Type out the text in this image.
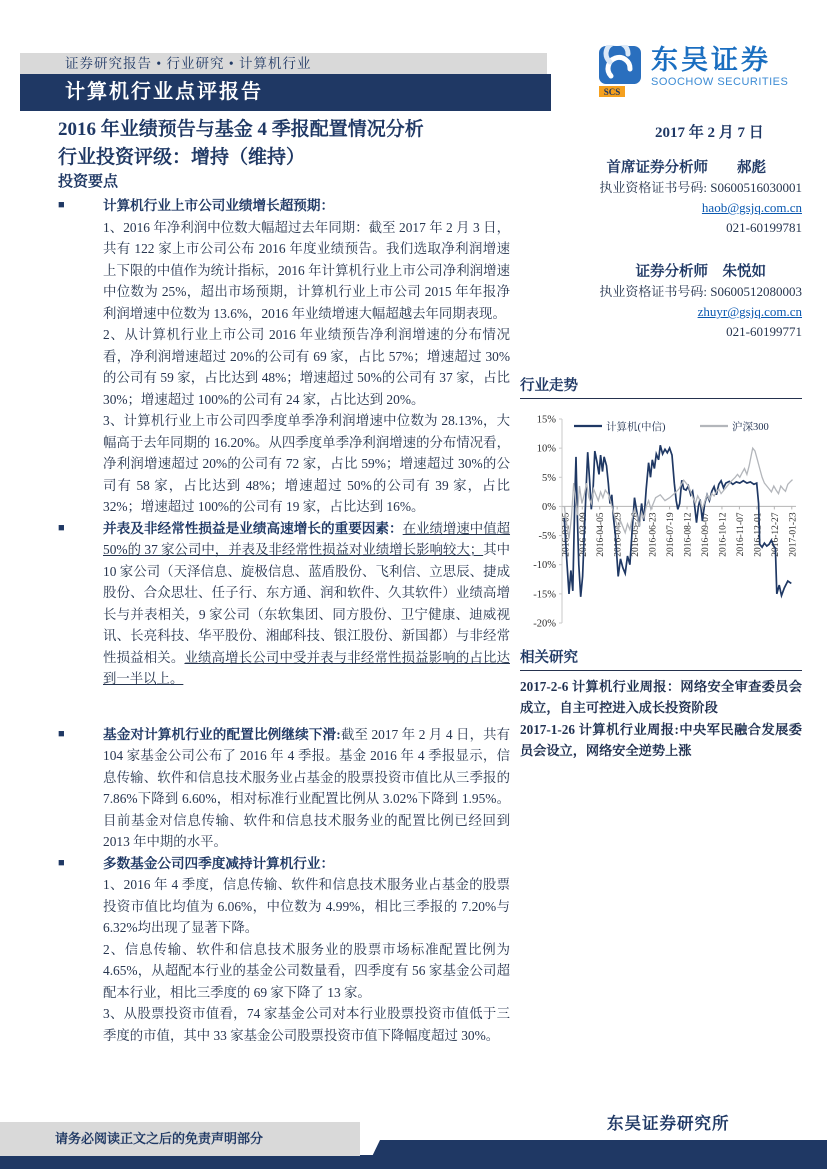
证券研究报告 • 行业研究 • 计算机行业
计算机行业点评报告	SCS
东吴证券
SOOCHOW SECURITIES
2016 年业绩预告与基金 4 季报配置情况分析
行业投资评级：增持（维持）
2017 年 2 月 7 日
投资要点
■	计算机行业上市公司业绩增长超预期：

1、2016 年净利润中位数大幅超过去年同期：截至 2017 年 2 月 3 日，共有 122 家上市公司公布 2016 年度业绩预告。我们选取净利润增速上下限的中值作为统计指标，2016 年计算机行业上市公司净利润增速中位数为 25%，超出市场预期，计算机行业上市公司 2015 年年报净利润增速中位数为 13.6%，2016 年业绩增速大幅超越去年同期表现。

2、从计算机行业上市公司 2016 年业绩预告净利润增速的分布情况看，净利润增速超过 20%的公司有 69 家，占比 57%；增速超过 30%的公司有 59 家，占比达到 48%；增速超过 50%的公司有 37 家，占比 30%；增速超过 100%的公司有 24 家，占比达到 20%。

3、计算机行业上市公司四季度单季净利润增速中位数为 28.13%，大幅高于去年同期的 16.20%。从四季度单季净利润增速的分布情况看，净利润增速超过 20%的公司有 72 家，占比 59%；增速超过 30%的公司有 58 家，占比达到 48%；增速超过 50%的公司有 39 家，占比 32%；增速超过 100%的公司有 19 家，占比达到 16%。

■	并表及非经常性损益是业绩高速增长的重要因素：在业绩增速中值超 50%的 37 家公司中，并表及非经常性损益对业绩增长影响较大；其中 10 家公司（天泽信息、旋极信息、蓝盾股份、飞利信、立思辰、捷成股份、合众思壮、任子行、东方通、润和软件、久其软件）业绩高增长与并表相关，9 家公司（东软集团、同方股份、卫宁健康、迪威视讯、长亮科技、华平股份、湘邮科技、银江股份、新国都）与非经常性损益相关。业绩高增长公司中受并表与非经常性损益影响的占比达到一半以上。

■	基金对计算机行业的配置比例继续下滑:截至 2017 年 2 月 4 日，共有 104 家基金公司公布了 2016 年 4 季报。基金 2016 年 4 季报显示，信息传输、软件和信息技术服务业占基金的股票投资市值比从三季报的 7.86%下降到 6.60%，相对标准行业配置比例从 3.02%下降到 1.95%。目前基金对信息传输、软件和信息技术服务业的配置比例已经回到 2013 年中期的水平。

■	多数基金公司四季度减持计算机行业：

1、2016 年 4 季度，信息传输、软件和信息技术服务业占基金的股票投资市值比均值为 6.06%，中位数为 4.99%，相比三季报的 7.20%与 6.32%均出现了显著下降。

2、信息传输、软件和信息技术服务业的股票市场标准配置比例为 4.65%，从超配本行业的基金公司数量看，四季度有 56 家基金公司超配本行业，相比三季度的 69 家下降了 13 家。

3、从股票投资市值看，74 家基金公司对本行业股票投资市值低于三季度的市值，其中 33 家基金公司股票投资市值下降幅度超过 30%。

首席证券分析师　　郝彪
执业资格证书号码: S0600516030001
haob@gsjq.com.cn
021-60199781
证券分析师　朱悦如
执业资格证书号码: S0600512080003
zhuyr@gsjq.com.cn
021-60199771
行业走势
15%
10%
5%
0%
-5%
-10%
-15%
-20%
2016-02-05 2016-03-09 2016-04-05 2016-04-29 2016-05-26 2016-06-23 2016-07-19 2016-08-12 2016-09-07 2016-10-12 2016-11-07 2016-12-01 2016-12-27 2017-01-23
计算机(中信)	沪深300
相关研究

2017-2-6 计算机行业周报：网络安全审查委员会成立，自主可控进入成长投资阶段

2017-1-26 计算机行业周报:中央军民融合发展委员会设立，网络安全逆势上涨

东吴证券研究所
请务必阅读正文之后的免责声明部分
